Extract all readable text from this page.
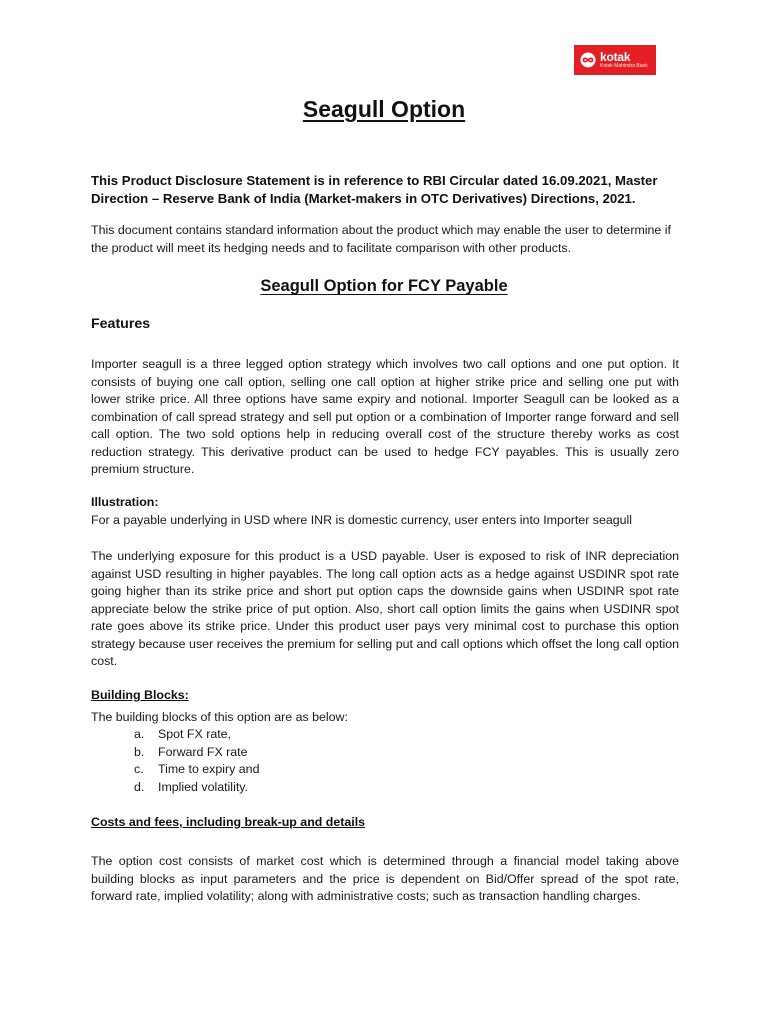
kotak
Kotak Mahindra Bank
Seagull Option
This Product Disclosure Statement is in reference to RBI Circular dated 16.09.2021, Master Direction – Reserve Bank of India (Market-makers in OTC Derivatives) Directions, 2021.
This document contains standard information about the product which may enable the user to determine if the product will meet its hedging needs and to facilitate comparison with other products.
Seagull Option for FCY Payable
Features
Importer seagull is a three legged option strategy which involves two call options and one put option. It consists of buying one call option, selling one call option at higher strike price and selling one put with lower strike price. All three options have same expiry and notional. Importer Seagull can be looked as a combination of call spread strategy and sell put option or a combination of Importer range forward and sell call option. The two sold options help in reducing overall cost of the structure thereby works as cost reduction strategy. This derivative product can be used to hedge FCY payables. This is usually zero premium structure.
Illustration:
For a payable underlying in USD where INR is domestic currency, user enters into Importer seagull
The underlying exposure for this product is a USD payable. User is exposed to risk of INR depreciation against USD resulting in higher payables. The long call option acts as a hedge against USDINR spot rate going higher than its strike price and short put option caps the downside gains when USDINR spot rate appreciate below the strike price of put option. Also, short call option limits the gains when USDINR spot rate goes above its strike price. Under this product user pays very minimal cost to purchase this option strategy because user receives the premium for selling put and call options which offset the long call option cost.
Building Blocks:
The building blocks of this option are as below:
a.	Spot FX rate,
b.	Forward FX rate
c.	Time to expiry and
d.	Implied volatility.
Costs and fees, including break-up and details
The option cost consists of market cost which is determined through a financial model taking above building blocks as input parameters and the price is dependent on Bid/Offer spread of the spot rate, forward rate, implied volatility; along with administrative costs; such as transaction handling charges.
